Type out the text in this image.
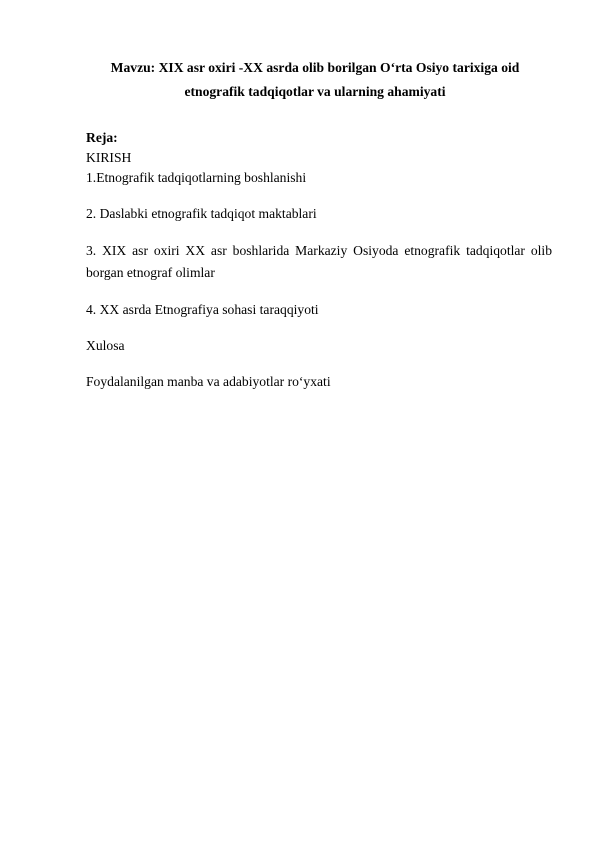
Mavzu: XIX asr oxiri -XX asrda olib borilgan O‘rta Osiyo tarixiga oid
etnografik tadqiqotlar va ularning ahamiyati
Reja:
KIRISH
1.Etnografik tadqiqotlarning boshlanishi
2. Daslabki etnografik tadqiqot maktablari
3. XIX asr oxiri XX asr boshlarida Markaziy Osiyoda etnografik tadqiqotlar olib borgan etnograf olimlar
4. XX asrda Etnografiya sohasi taraqqiyoti
Xulosa
Foydalanilgan manba va adabiyotlar ro‘yxati
